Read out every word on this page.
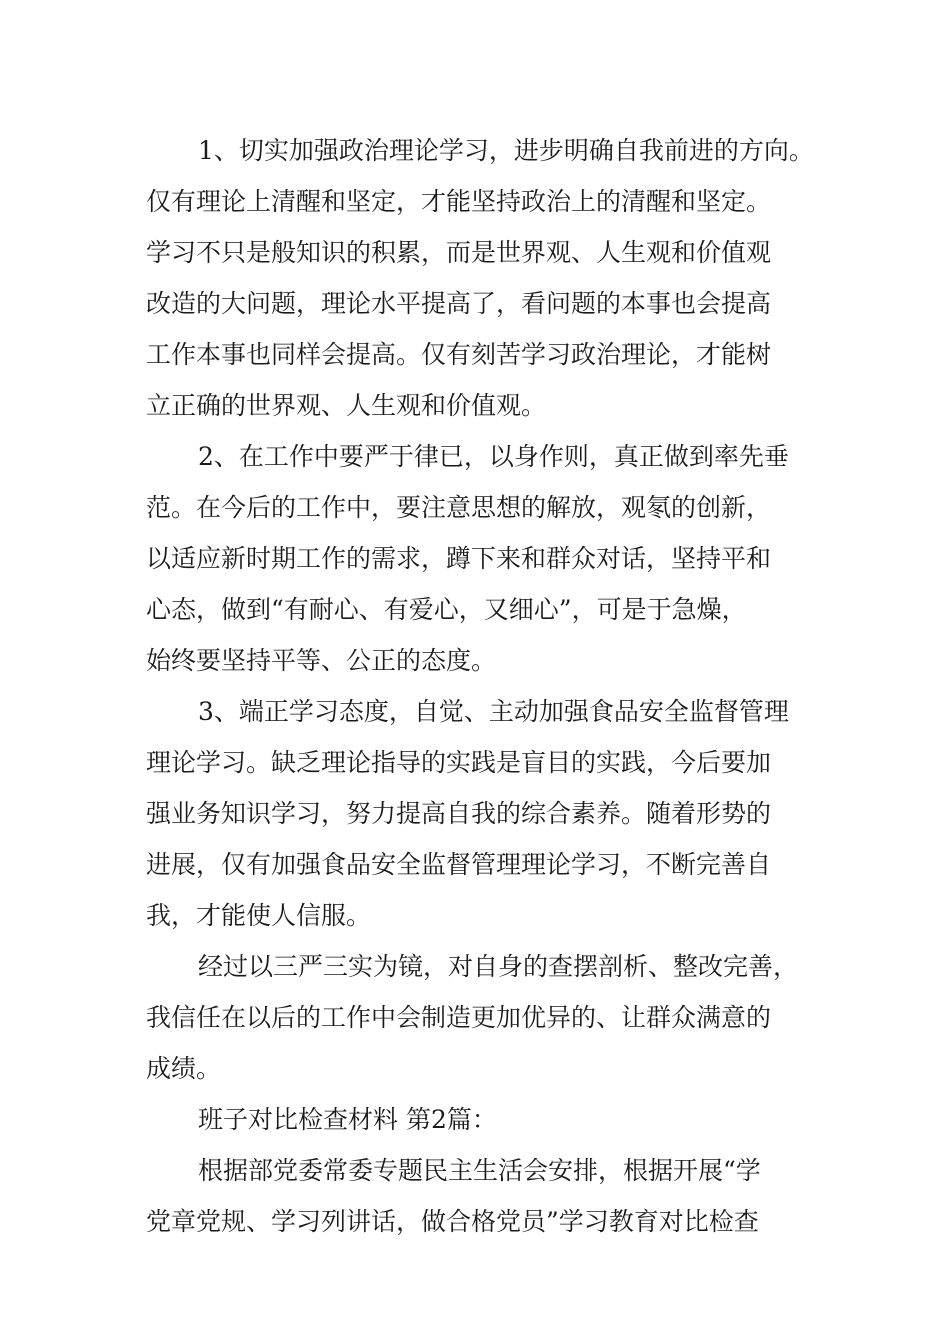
1、切实加强政治理论学习，进步明确自我前进的方向。
仅有理论上清醒和坚定，才能坚持政治上的清醒和坚定。
学习不只是般知识的积累，而是世界观、人生观和价值观
改造的大问题，理论水平提高了，看问题的本事也会提高
工作本事也同样会提高。仅有刻苦学习政治理论，才能树
立正确的世界观、人生观和价值观。
2、在工作中要严于律已，以身作则，真正做到率先垂
范。在今后的工作中，要注意思想的解放，观氡的创新，
以适应新时期工作的需求，蹲下来和群众对话，坚持平和
心态，做到“有耐心、有爱心，又细心”，可是于急燥，
始终要坚持平等、公正的态度。
3、端正学习态度，自觉、主动加强食品安全监督管理
理论学习。缺乏理论指导的实践是盲目的实践，今后要加
强业务知识学习，努力提高自我的综合素养。随着形势的
进展，仅有加强食品安全监督管理理论学习，不断完善自
我，才能使人信服。
经过以三严三实为镜，对自身的查摆剖析、整改完善，
我信任在以后的工作中会制造更加优异的、让群众满意的
成绩。
班子对比检查材料 第2篇：
根据部党委常委专题民主生活会安排，根据开展“学
党章党规、学习列讲话，做合格党员”学习教育对比检查
